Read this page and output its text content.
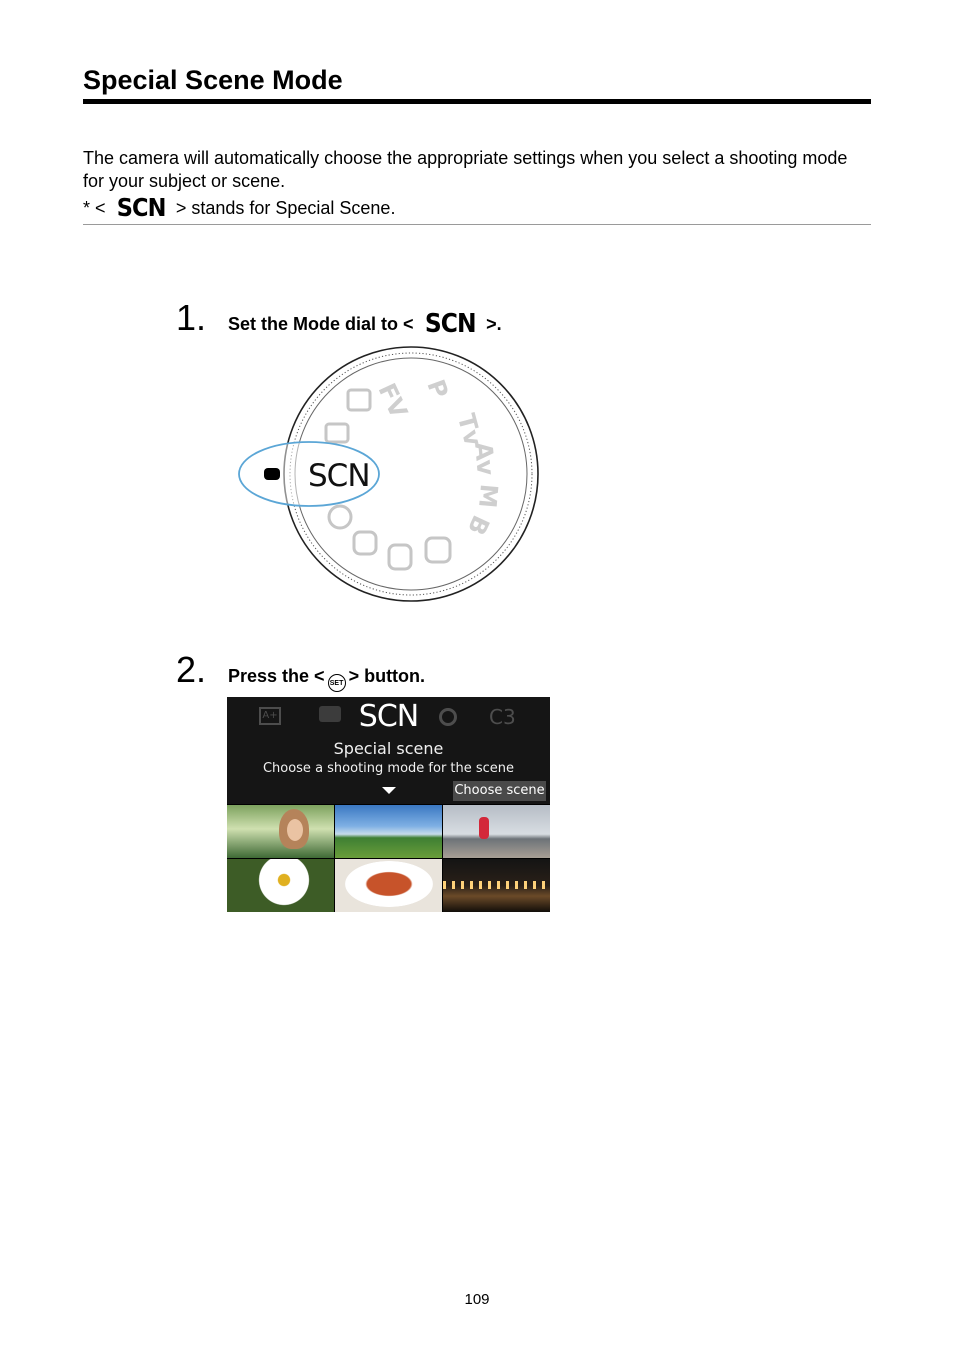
Special Scene Mode

The camera will automatically choose the appropriate settings when you select a shooting mode for your subject or scene.

* < SCN > stands for Special Scene.
1. Set the Mode dial to < SCN >.
FV P
Tv
Av
M
B
SCN
2. Press the < SET > button.
A+	SCN	C3
Special scene
Choose a shooting mode for the scene
Choose scene
109
